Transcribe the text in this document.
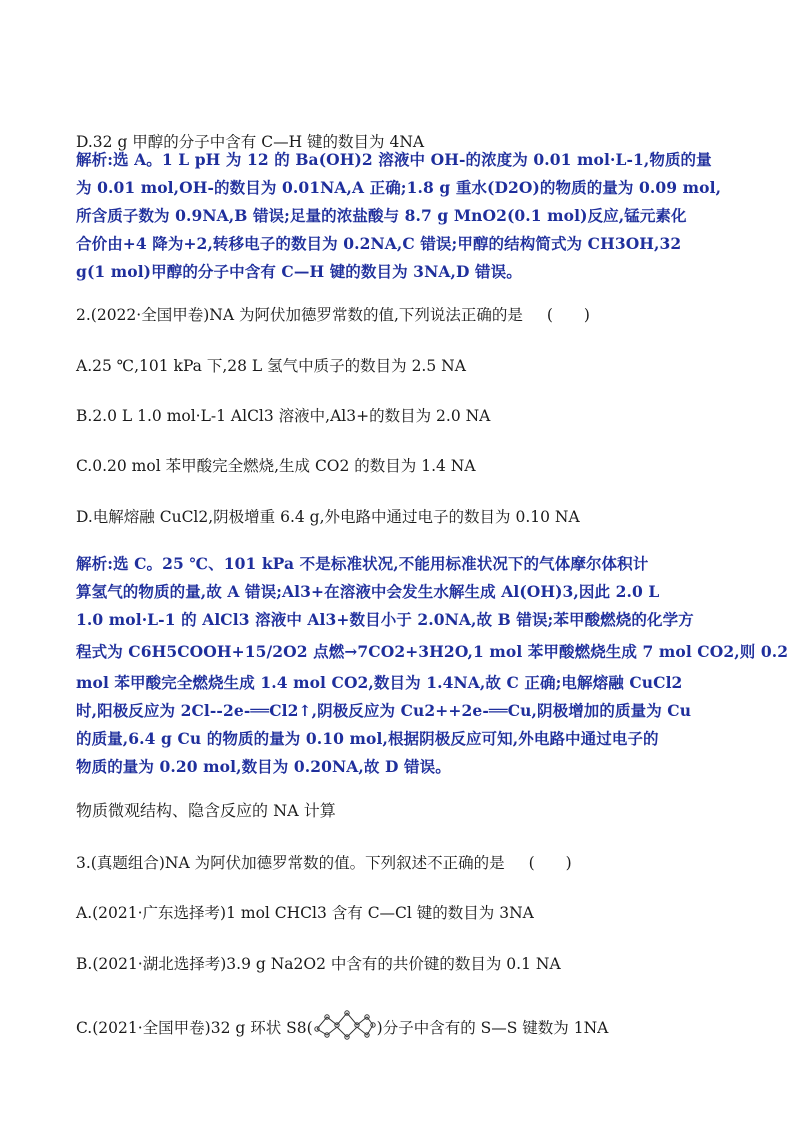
D.32 g 甲醇的分子中含有 C—H 键的数目为 4NA
解析:选 A。1 L pH 为 12 的 Ba(OH)2 溶液中 OH-的浓度为 0.01 mol·L-1,物质的量
为 0.01 mol,OH-的数目为 0.01NA,A 正确;1.8 g 重水(D2O)的物质的量为 0.09 mol,
所含质子数为 0.9NA,B 错误;足量的浓盐酸与 8.7 g MnO2(0.1 mol)反应,锰元素化
合价由+4 降为+2,转移电子的数目为 0.2NA,C 错误;甲醇的结构简式为 CH3OH,32
g(1 mol)甲醇的分子中含有 C—H 键的数目为 3NA,D 错误。
2.(2022·全国甲卷)NA 为阿伏加德罗常数的值,下列说法正确的是 (　　)
A.25 ℃,101 kPa 下,28 L 氢气中质子的数目为 2.5 NA
B.2.0 L 1.0 mol·L-1 AlCl3 溶液中,Al3+的数目为 2.0 NA
C.0.20 mol 苯甲酸完全燃烧,生成 CO2 的数目为 1.4 NA
D.电解熔融 CuCl2,阴极增重 6.4 g,外电路中通过电子的数目为 0.10 NA
解析:选 C。25 ℃、101 kPa 不是标准状况,不能用标准状况下的气体摩尔体积计
算氢气的物质的量,故 A 错误;Al3+在溶液中会发生水解生成 Al(OH)3,因此 2.0 L
1.0 mol·L-1 的 AlCl3 溶液中 Al3+数目小于 2.0NA,故 B 错误;苯甲酸燃烧的化学方
程式为 C6H5COOH+15/2O2 点燃→7CO2+3H2O,1 mol 苯甲酸燃烧生成 7 mol CO2,则 0.2
mol 苯甲酸完全燃烧生成 1.4 mol CO2,数目为 1.4NA,故 C 正确;电解熔融 CuCl2
时,阳极反应为 2Cl--2e-══Cl2↑,阴极反应为 Cu2++2e-══Cu,阴极增加的质量为 Cu
的质量,6.4 g Cu 的物质的量为 0.10 mol,根据阴极反应可知,外电路中通过电子的
物质的量为 0.20 mol,数目为 0.20NA,故 D 错误。
物质微观结构、隐含反应的 NA 计算
3.(真题组合)NA 为阿伏加德罗常数的值。下列叙述不正确的是 (　　)
A.(2021·广东选择考)1 mol CHCl3 含有 C—Cl 键的数目为 3NA
B.(2021·湖北选择考)3.9 g Na2O2 中含有的共价键的数目为 0.1 NA
C.(2021·全国甲卷)32 g 环状 S8(	)分子中含有的 S—S 键数为 1NA
